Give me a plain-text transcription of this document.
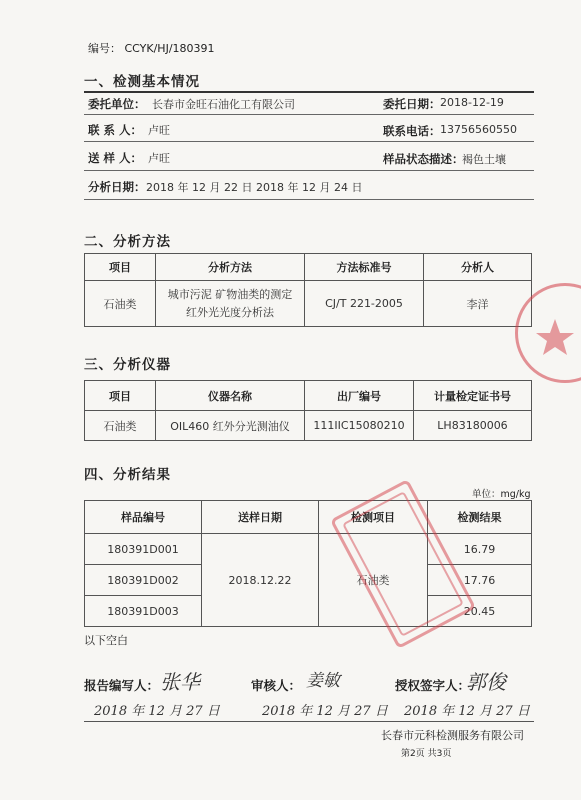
编号： CCYK/HJ/180391
一、检测基本情况
委托单位： 长春市金旺石油化工有限公司	委托日期： 2018-12-19
联 系 人： 卢旺	联系电话： 13756560550
送 样 人： 卢旺	样品状态描述：
褐色土壤
分析日期： 2018 年 12 月 22 日 2018 年 12 月 24 日
二、分析方法
项目	分析方法	方法标准号	分析人
石油类	城市污泥 矿物油类的测定
红外光光度分析法	CJ/T 221-2005	李洋
三、分析仪器
项目	仪器名称	出厂编号	计量检定证书号
石油类	OIL460 红外分光测油仪	111IIC15080210	LH83180006
四、分析结果
单位：mg/kg
样品编号	送样日期	检测项目	检测结果
180391D001	2018.12.22	石油类	16.79
180391D002			17.76
180391D003			20.45
以下空白
报告编写人： 张华	审核人： 姜敏	授权签字人：
郭俊
2018 年 12 月 27 日	2018 年 12 月 27 日 2018 年 12 月 27 日
长春市元科检测服务有限公司
第2页 共3页
